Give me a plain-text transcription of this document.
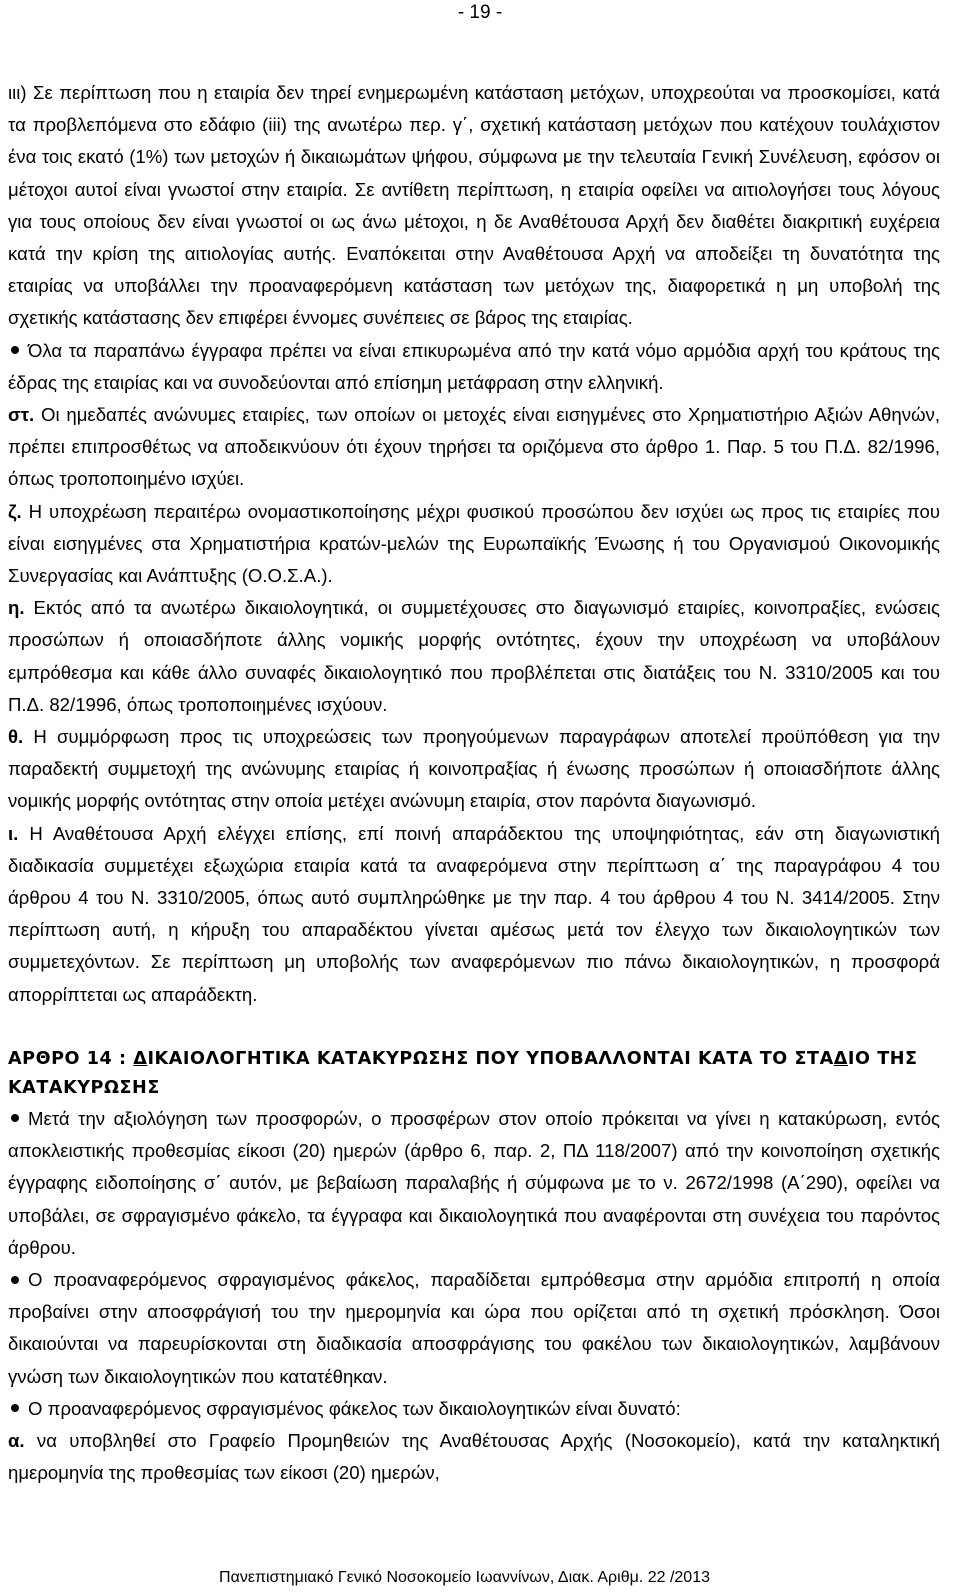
- 19 -

ιιι) Σε περίπτωση που η εταιρία δεν τηρεί ενημερωμένη κατάσταση μετόχων, υποχρεούται να προσκομίσει, κατά τα προβλεπόμενα στο εδάφιο (iii) της ανωτέρω περ. γ΄, σχετική κατάσταση μετόχων που κατέχουν τουλάχιστον ένα τοις εκατό (1%) των μετοχών ή δικαιωμάτων ψήφου, σύμφωνα με την τελευταία Γενική Συνέλευση, εφόσον οι μέτοχοι αυτοί είναι γνωστοί στην εταιρία. Σε αντίθετη περίπτωση, η εταιρία οφείλει να αιτιολογήσει τους λόγους για τους οποίους δεν είναι γνωστοί οι ως άνω μέτοχοι, η δε Αναθέτουσα Αρχή δεν διαθέτει διακριτική ευχέρεια κατά την κρίση της αιτιολογίας αυτής. Εναπόκειται στην Αναθέτουσα Αρχή να αποδείξει τη δυνατότητα της εταιρίας να υποβάλλει την προαναφερόμενη κατάσταση των μετόχων της, διαφορετικά η μη υποβολή της σχετικής κατάστασης δεν επιφέρει έννομες συνέπειες σε βάρος της εταιρίας.

Όλα τα παραπάνω έγγραφα πρέπει να είναι επικυρωμένα από την κατά νόμο αρμόδια αρχή του κράτους της έδρας της εταιρίας και να συνοδεύονται από επίσημη μετάφραση στην ελληνική.

στ. Οι ημεδαπές ανώνυμες εταιρίες, των οποίων οι μετοχές είναι εισηγμένες στο Χρηματιστήριο Αξιών Αθηνών, πρέπει επιπροσθέτως να αποδεικνύουν ότι έχουν τηρήσει τα οριζόμενα στο άρθρο 1. Παρ. 5 του Π.Δ. 82/1996, όπως τροποποιημένο ισχύει.

ζ. Η υποχρέωση περαιτέρω ονομαστικοποίησης μέχρι φυσικού προσώπου δεν ισχύει ως προς τις εταιρίες που είναι εισηγμένες στα Χρηματιστήρια κρατών-μελών της Ευρωπαϊκής Ένωσης ή του Οργανισμού Οικονομικής Συνεργασίας και Ανάπτυξης (Ο.Ο.Σ.Α.).

η. Εκτός από τα ανωτέρω δικαιολογητικά, οι συμμετέχουσες στο διαγωνισμό εταιρίες, κοινοπραξίες, ενώσεις προσώπων ή οποιασδήποτε άλλης νομικής μορφής οντότητες, έχουν την υποχρέωση να υποβάλουν εμπρόθεσμα και κάθε άλλο συναφές δικαιολογητικό που προβλέπεται στις διατάξεις του Ν. 3310/2005 και του Π.Δ. 82/1996, όπως τροποποιημένες ισχύουν.

θ. Η συμμόρφωση προς τις υποχρεώσεις των προηγούμενων παραγράφων αποτελεί προϋπόθεση για την παραδεκτή συμμετοχή της ανώνυμης εταιρίας ή κοινοπραξίας ή ένωσης προσώπων ή οποιασδήποτε άλλης νομικής μορφής οντότητας στην οποία μετέχει ανώνυμη εταιρία, στον παρόντα διαγωνισμό.

ι. Η Αναθέτουσα Αρχή ελέγχει επίσης, επί ποινή απαράδεκτου της υποψηφιότητας, εάν στη διαγωνιστική διαδικασία συμμετέχει εξωχώρια εταιρία κατά τα αναφερόμενα στην περίπτωση α΄ της παραγράφου 4 του άρθρου 4 του Ν. 3310/2005, όπως αυτό συμπληρώθηκε με την παρ. 4 του άρθρου 4 του Ν. 3414/2005. Στην περίπτωση αυτή, η κήρυξη του απαραδέκτου γίνεται αμέσως μετά τον έλεγχο των δικαιολογητικών των συμμετεχόντων. Σε περίπτωση μη υποβολής των αναφερόμενων πιο πάνω δικαιολογητικών, η προσφορά απορρίπτεται ως απαράδεκτη.

ΑΡΘΡΟ 14 : ΔΙΚΑΙΟΛΟΓΗΤΙΚΑ ΚΑΤΑΚΥΡΩΣΗΣ ΠΟΥ ΥΠΟΒΑΛΛΟΝΤΑΙ ΚΑΤΑ ΤΟ ΣΤΑΔΙΟ ΤΗΣ ΚΑΤΑΚΥΡΩΣΗΣ

Μετά την αξιολόγηση των προσφορών, ο προσφέρων στον οποίο πρόκειται να γίνει η κατακύρωση, εντός αποκλειστικής προθεσμίας είκοσι (20) ημερών (άρθρο 6, παρ. 2, ΠΔ 118/2007) από την κοινοποίηση σχετικής έγγραφης ειδοποίησης σ΄ αυτόν, με βεβαίωση παραλαβής ή σύμφωνα με το ν. 2672/1998 (Α΄290), οφείλει να υποβάλει, σε σφραγισμένο φάκελο, τα έγγραφα και δικαιολογητικά που αναφέρονται στη συνέχεια του παρόντος άρθρου.

Ο προαναφερόμενος σφραγισμένος φάκελος, παραδίδεται εμπρόθεσμα στην αρμόδια επιτροπή η οποία προβαίνει στην αποσφράγισή του την ημερομηνία και ώρα που ορίζεται από τη σχετική πρόσκληση. Όσοι δικαιούνται να παρευρίσκονται στη διαδικασία αποσφράγισης του φακέλου των δικαιολογητικών, λαμβάνουν γνώση των δικαιολογητικών που κατατέθηκαν.

Ο προαναφερόμενος σφραγισμένος φάκελος των δικαιολογητικών είναι δυνατό:

α. να υποβληθεί στο Γραφείο Προμηθειών της Αναθέτουσας Αρχής (Νοσοκομείο), κατά την καταληκτική ημερομηνία της προθεσμίας των είκοσι (20) ημερών,

Πανεπιστημιακό Γενικό Νοσοκομείο Ιωαννίνων, Διακ. Αριθμ. 22 /2013
